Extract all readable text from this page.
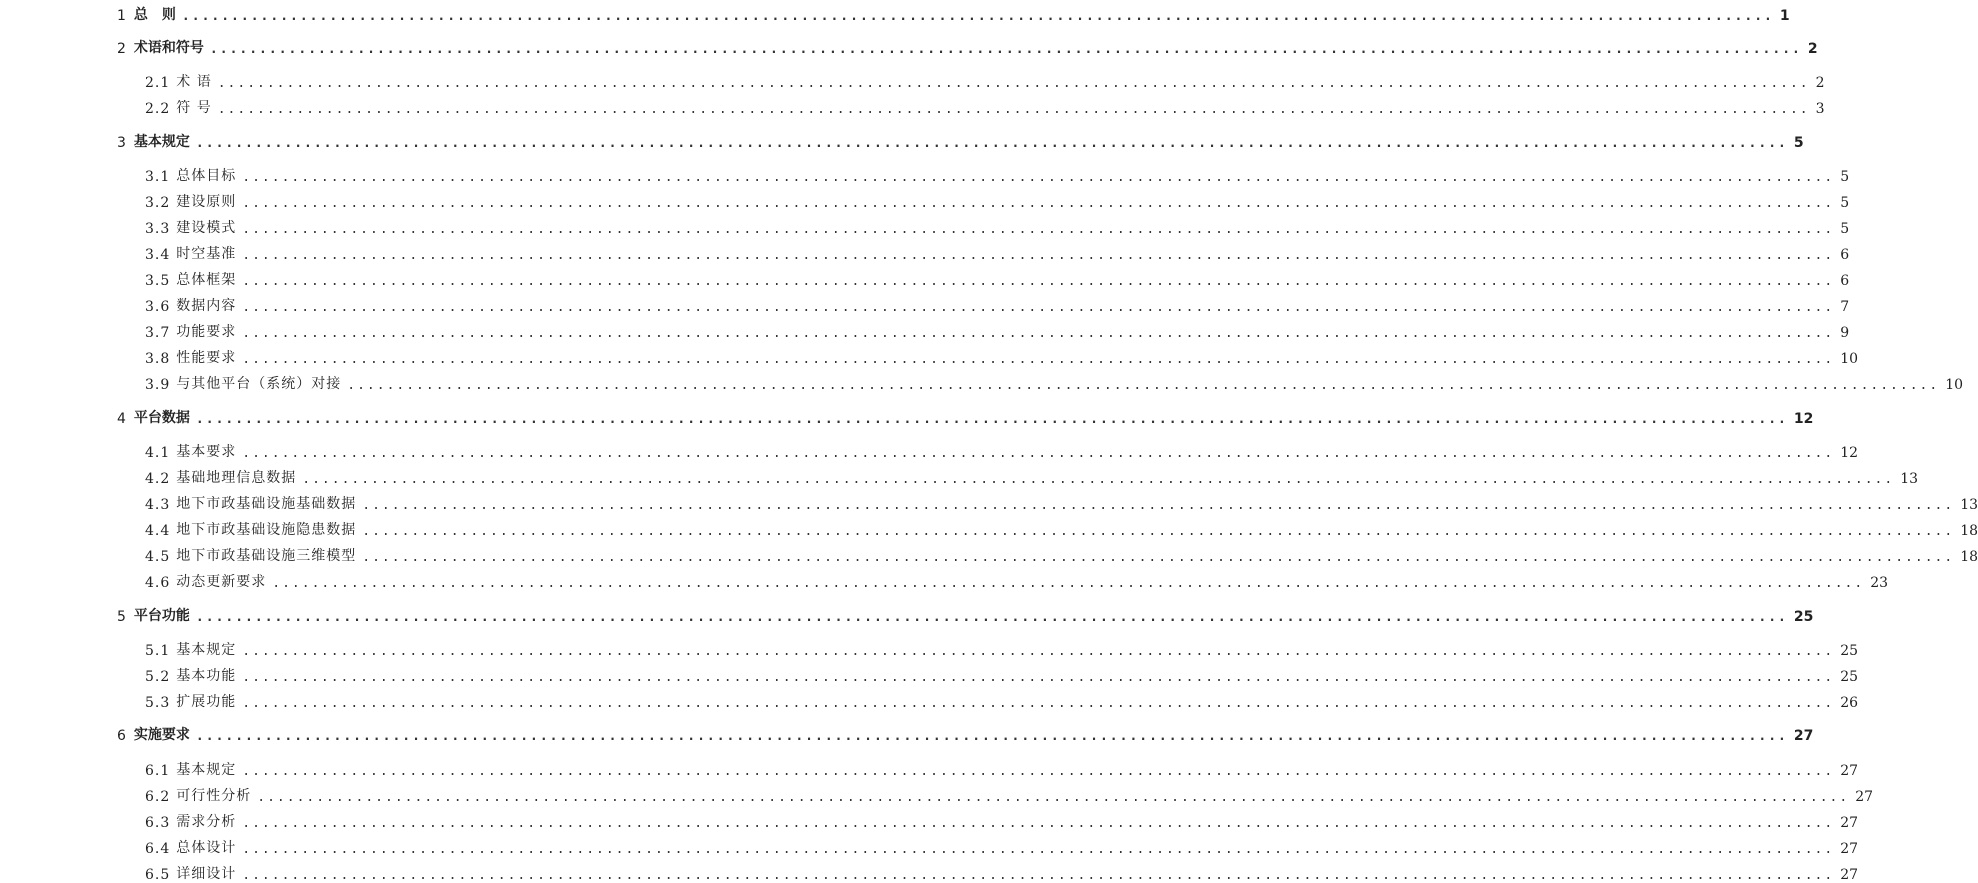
1 总　则 .................................................................................................................................................................. 1
2 术语和符号 .................................................................................................................................................................. 2
2.1 术 语 .................................................................................................................................................................. 2
2.2 符 号 .................................................................................................................................................................. 3
3 基本规定 .................................................................................................................................................................. 5
3.1 总体目标 .................................................................................................................................................................. 5
3.2 建设原则 .................................................................................................................................................................. 5
3.3 建设模式 .................................................................................................................................................................. 5
3.4 时空基准 .................................................................................................................................................................. 6
3.5 总体框架 .................................................................................................................................................................. 6
3.6 数据内容 .................................................................................................................................................................. 7
3.7 功能要求 .................................................................................................................................................................. 9
3.8 性能要求 .................................................................................................................................................................. 10
3.9 与其他平台（系统）对接 .................................................................................................................................................................. 10
4 平台数据 .................................................................................................................................................................. 12
4.1 基本要求 .................................................................................................................................................................. 12
4.2 基础地理信息数据 .................................................................................................................................................................. 13
4.3 地下市政基础设施基础数据 .................................................................................................................................................................. 13
4.4 地下市政基础设施隐患数据 .................................................................................................................................................................. 18
4.5 地下市政基础设施三维模型 .................................................................................................................................................................. 18
4.6 动态更新要求 .................................................................................................................................................................. 23
5 平台功能 .................................................................................................................................................................. 25
5.1 基本规定 .................................................................................................................................................................. 25
5.2 基本功能 .................................................................................................................................................................. 25
5.3 扩展功能 .................................................................................................................................................................. 26
6 实施要求 .................................................................................................................................................................. 27
6.1 基本规定 .................................................................................................................................................................. 27
6.2 可行性分析 .................................................................................................................................................................. 27
6.3 需求分析 .................................................................................................................................................................. 27
6.4 总体设计 .................................................................................................................................................................. 27
6.5 详细设计 .................................................................................................................................................................. 27
